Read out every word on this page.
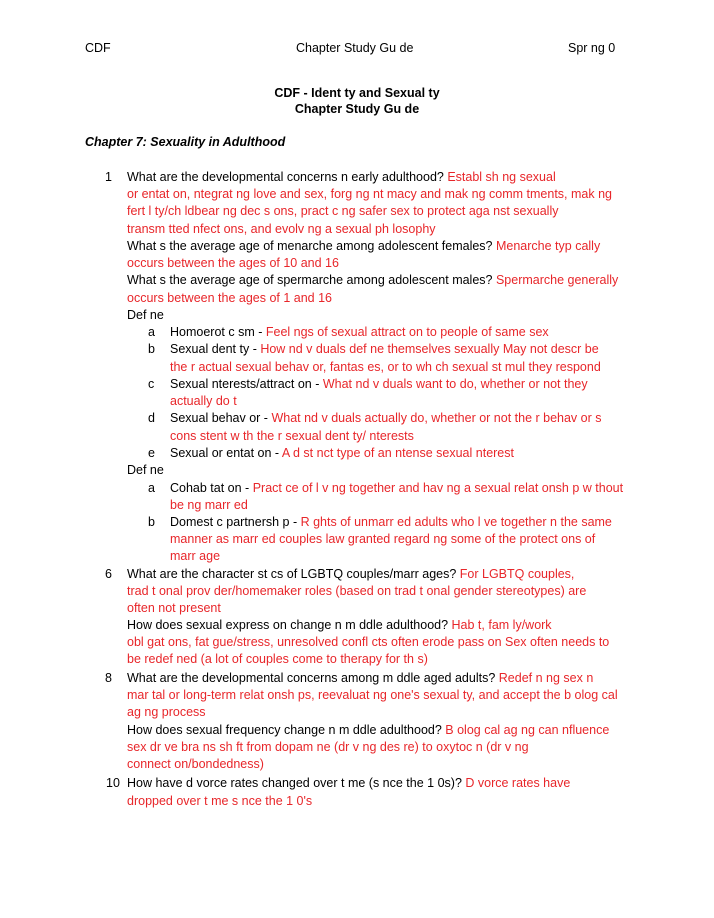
CDF	Chapter Study Gu de	Spr ng 0
CDF - Ident ty and Sexual ty
Chapter Study Gu de
Chapter 7: Sexuality in Adulthood
1 What are the developmental concerns n early adulthood? Establ sh ng sexual
or entat on, ntegrat ng love and sex, forg ng nt macy and mak ng comm tments, mak ng
fert l ty/ch ldbear ng dec s ons, pract c ng safer sex to protect aga nst sexually
transm tted nfect ons, and evolv ng a sexual ph losophy
What s the average age of menarche among adolescent females? Menarche typ cally
occurs between the ages of 10 and 16
What s the average age of spermarche among adolescent males? Spermarche generally
occurs between the ages of 1 and 16
Def ne
a Homoerot c sm - Feel ngs of sexual attract on to people of same sex
b Sexual dent ty - How nd v duals def ne themselves sexually May not descr be
the r actual sexual behav or, fantas es, or to wh ch sexual st mul they respond
c Sexual nterests/attract on - What nd v duals want to do, whether or not they
actually do t
d Sexual behav or - What nd v duals actually do, whether or not the r behav or s
cons stent w th the r sexual dent ty/ nterests
e Sexual or entat on - A d st nct type of an ntense sexual nterest
Def ne
a Cohab tat on - Pract ce of l v ng together and hav ng a sexual relat onsh p w thout
be ng marr ed
b Domest c partnersh p - R ghts of unmarr ed adults who l ve together n the same
manner as marr ed couples law granted regard ng some of the protect ons of
marr age
6 What are the character st cs of LGBTQ couples/marr ages? For LGBTQ couples,
trad t onal prov der/homemaker roles (based on trad t onal gender stereotypes) are
often not present
How does sexual express on change n m ddle adulthood? Hab t, fam ly/work
obl gat ons, fat gue/stress, unresolved confl cts often erode pass on Sex often needs to
be redef ned (a lot of couples come to therapy for th s)
8 What are the developmental concerns among m ddle aged adults? Redef n ng sex n
mar tal or long-term relat onsh ps, reevaluat ng one's sexual ty, and accept the b olog cal
ag ng process
How does sexual frequency change n m ddle adulthood? B olog cal ag ng can nfluence
sex dr ve bra ns sh ft from dopam ne (dr v ng des re) to oxytoc n (dr v ng
connect on/bondedness)
10 How have d vorce rates changed over t me (s nce the 1 0s)? D vorce rates have
dropped over t me s nce the 1 0's
